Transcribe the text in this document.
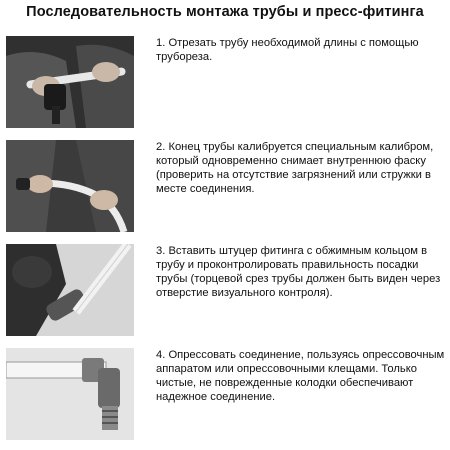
Последовательность монтажа трубы и пресс-фитинга
1. Отрезать трубу необходимой длины с помощью трубореза.
2. Конец трубы калибруется специальным калибром, который одновременно снимает внутреннюю фаску (проверить на отсутствие загрязнений или стружки в месте соединения.
3. Вставить штуцер фитинга с обжимным кольцом в трубу и проконтролировать правильность посадки трубы (торцевой срез трубы должен быть виден через отверстие визуального контроля).
4. Опрессовать соединение, пользуясь опрессовочным аппаратом или опрессовочными клещами. Только чистые, не поврежденные колодки обеспечивают надежное соединение.
